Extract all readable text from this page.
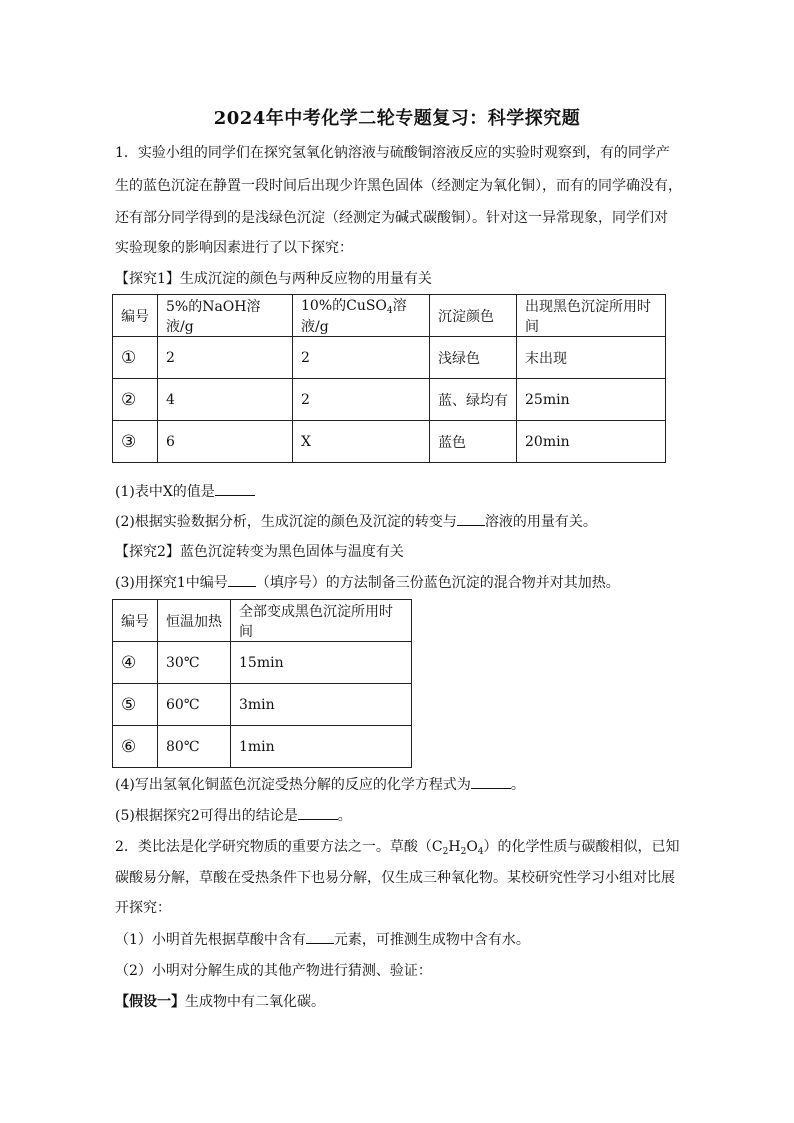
2024年中考化学二轮专题复习：科学探究题

1．实验小组的同学们在探究氢氧化钠溶液与硫酸铜溶液反应的实验时观察到，有的同学产

生的蓝色沉淀在静置一段时间后出现少许黑色固体（经测定为氧化铜），而有的同学确没有，

还有部分同学得到的是浅绿色沉淀（经测定为碱式碳酸铜）。针对这一异常现象，同学们对

实验现象的影响因素进行了以下探究：

【探究1】生成沉淀的颜色与两种反应物的用量有关

编号	5%的NaOH溶液/g	10%的CuSO$_4$溶液/g	沉淀颜色	出现黑色沉淀所用时间
①	2	2	浅绿色	末出现
②	4	2	蓝、绿均有	25min
③	6	X	蓝色	20min

(1)表中X的值是

(2)根据实验数据分析，生成沉淀的颜色及沉淀的转变与 溶液的用量有关。

【探究2】蓝色沉淀转变为黑色固体与温度有关

(3)用探究1中编号 （填序号）的方法制备三份蓝色沉淀的混合物并对其加热。

编号	恒温加热	全部变成黑色沉淀所用时间
④	30℃	15min
⑤	60℃	3min
⑥	80℃	1min

(4)写出氢氧化铜蓝色沉淀受热分解的反应的化学方程式为	。

(5)根据探究2可得出的结论是	。

2．类比法是化学研究物质的重要方法之一。草酸$(C_2H_2O_4)$的化学性质与碳酸相似，已知

碳酸易分解，草酸在受热条件下也易分解，仅生成三种氧化物。某校研究性学习小组对比展

开探究：

（1）小明首先根据草酸中含有 元素，可推测生成物中含有水。

（2）小明对分解生成的其他产物进行猜测、验证：

【假设一】生成物中有二氧化碳。
